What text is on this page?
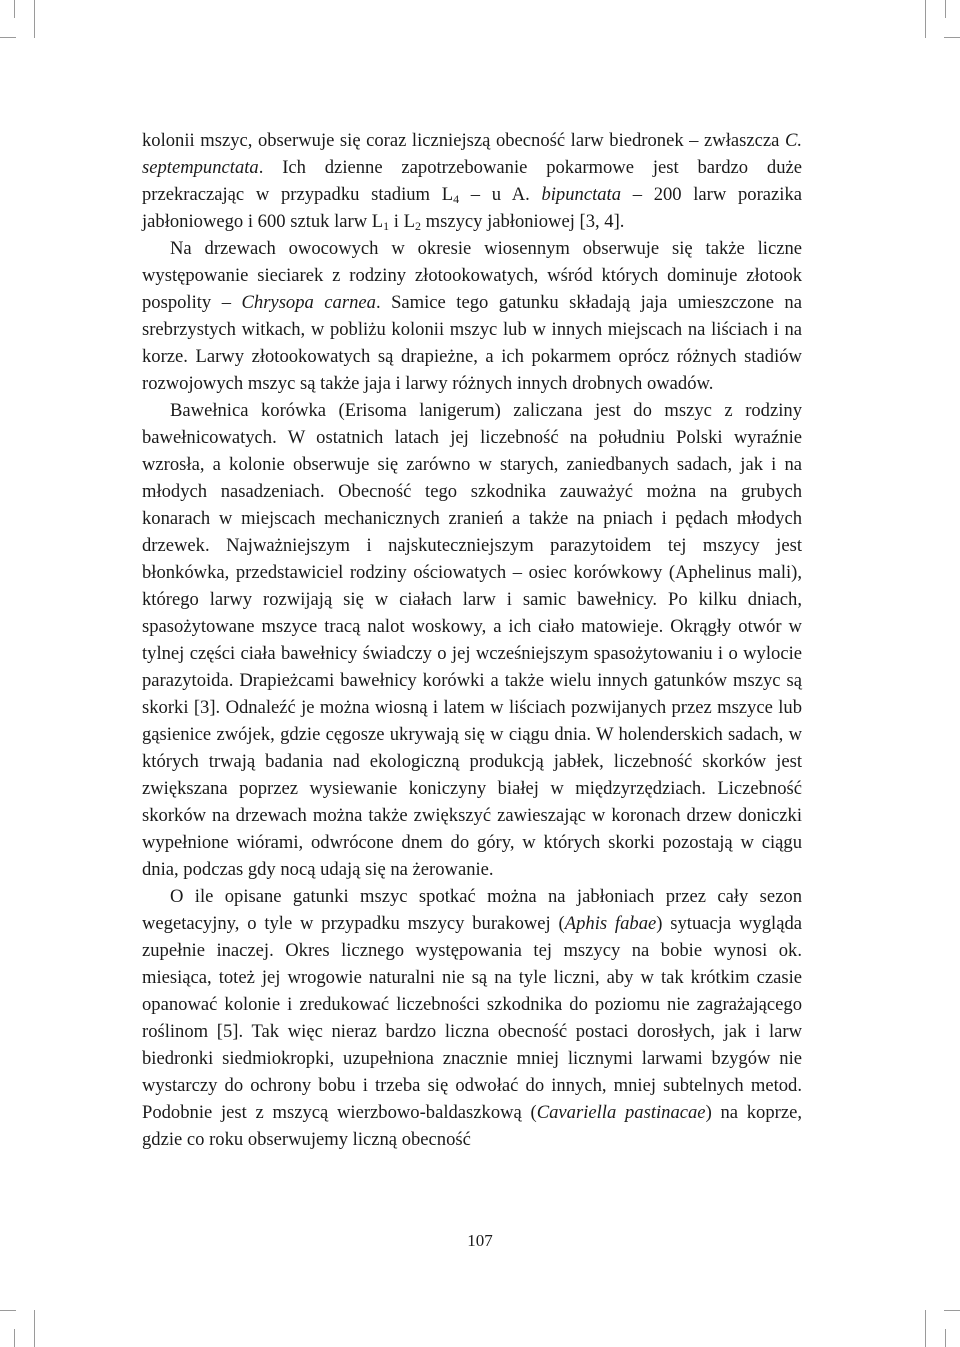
kolonii mszyc, obserwuje się coraz liczniejszą obecność larw biedronek – zwłaszcza C. septempunctata. Ich dzienne zapotrzebowanie pokarmowe jest bardzo duże przekraczając w przypadku stadium $L_4$ – u A. bipunctata – 200 larw porazika jabłoniowego i 600 sztuk larw $L_1$ i $L_2$ mszycy jabłoniowej [3, 4].

Na drzewach owocowych w okresie wiosennym obserwuje się także liczne występowanie sieciarek z rodziny złotookowatych, wśród których dominuje złotook pospolity – Chrysopa carnea. Samice tego gatunku składają jaja umieszczone na srebrzystych witkach, w pobliżu kolonii mszyc lub w innych miejscach na liściach i na korze. Larwy złotookowatych są drapieżne, a ich pokarmem oprócz różnych stadiów rozwojowych mszyc są także jaja i larwy różnych innych drobnych owadów.

Bawełnica korówka (Erisoma lanigerum) zaliczana jest do mszyc z rodziny bawełnicowatych. W ostatnich latach jej liczebność na południu Polski wyraźnie wzrosła, a kolonie obserwuje się zarówno w starych, zaniedbanych sadach, jak i na młodych nasadzeniach. Obecność tego szkodnika zauważyć można na grubych konarach w miejscach mechanicznych zranień a także na pniach i pędach młodych drzewek. Najważniejszym i najskuteczniejszym parazytoidem tej mszycy jest błonkówka, przedstawiciel rodziny ościowatych – osiec korówkowy (Aphelinus mali), którego larwy rozwijają się w ciałach larw i samic bawełnicy. Po kilku dniach, spasożytowane mszyce tracą nalot woskowy, a ich ciało matowieje. Okrągły otwór w tylnej części ciała bawełnicy świadczy o jej wcześniejszym spasożytowaniu i o wylocie parazytoida. Drapieżcami bawełnicy korówki a także wielu innych gatunków mszyc są skorki [3]. Odnaleźć je można wiosną i latem w liściach pozwijanych przez mszyce lub gąsienice zwójek, gdzie cęgosze ukrywają się w ciągu dnia. W holenderskich sadach, w których trwają badania nad ekologiczną produkcją jabłek, liczebność skorków jest zwiększana poprzez wysiewanie koniczyny białej w międzyrzędziach. Liczebność skorków na drzewach można także zwiększyć zawieszając w koronach drzew doniczki wypełnione wiórami, odwrócone dnem do góry, w których skorki pozostają w ciągu dnia, podczas gdy nocą udają się na żerowanie.

O ile opisane gatunki mszyc spotkać można na jabłoniach przez cały sezon wegetacyjny, o tyle w przypadku mszycy burakowej (Aphis fabae) sytuacja wygląda zupełnie inaczej. Okres licznego występowania tej mszycy na bobie wynosi ok. miesiąca, toteż jej wrogowie naturalni nie są na tyle liczni, aby w tak krótkim czasie opanować kolonie i zredukować liczebności szkodnika do poziomu nie zagrażającego roślinom [5]. Tak więc nieraz bardzo liczna obecność postaci dorosłych, jak i larw biedronki siedmiokropki, uzupełniona znacznie mniej licznymi larwami bzygów nie wystarczy do ochrony bobu i trzeba się odwołać do innych, mniej subtelnych metod. Podobnie jest z mszycą wierzbowo-baldaszkową (Cavariella pastinacae) na koprze, gdzie co roku obserwujemy liczną obecność

107
